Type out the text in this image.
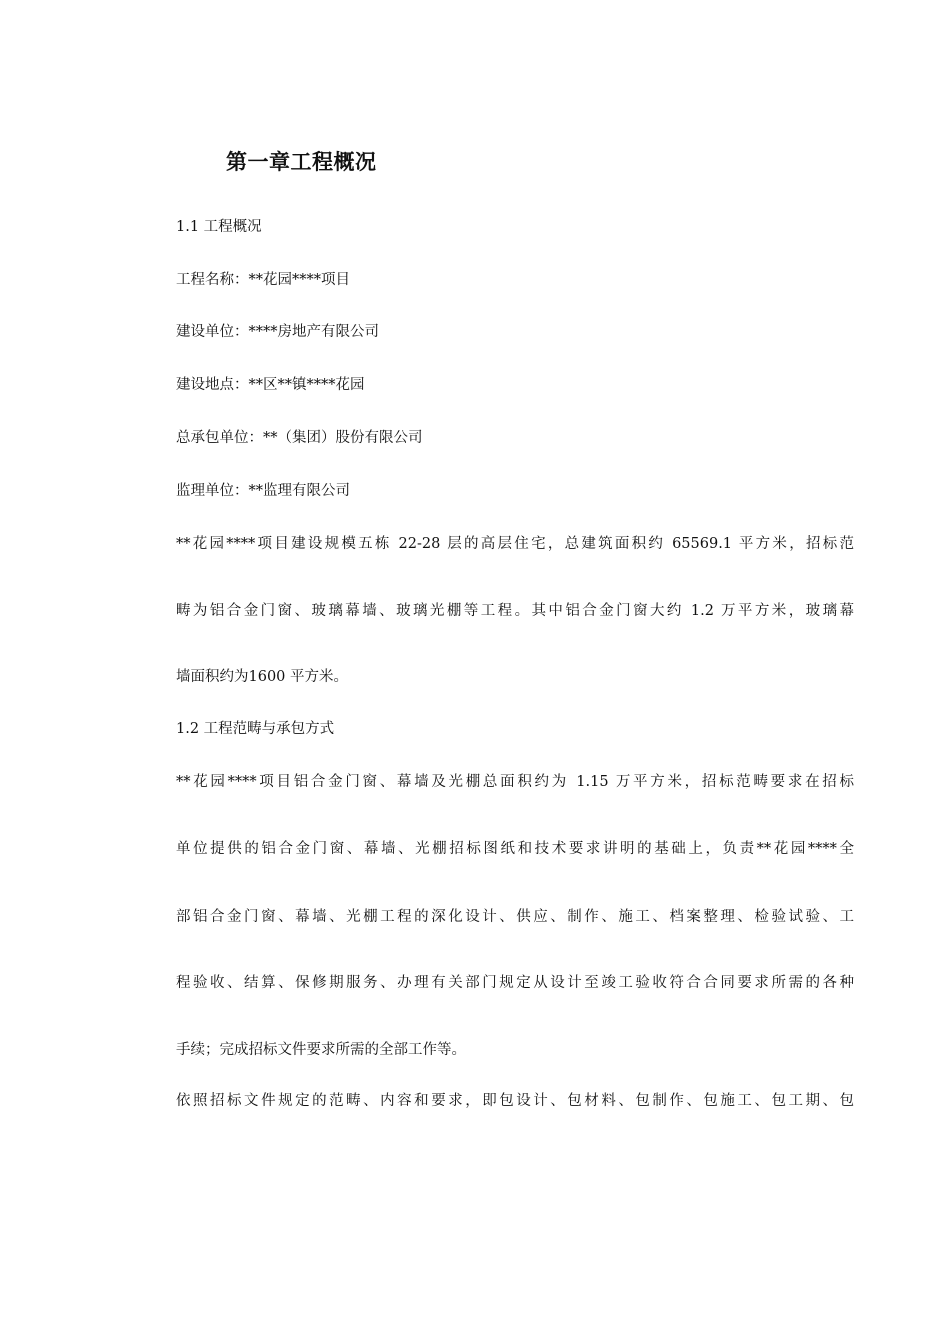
第一章工程概况

1.1 工程概况

工程名称：**花园****项目

建设单位：****房地产有限公司

建设地点：**区**镇****花园

总承包单位：**（集团）股份有限公司

监理单位：**监理有限公司

**花园****项目建设规模五栋 22-28 层的高层住宅，总建筑面积约 65569.1 平方米，招标范

畴为铝合金门窗、玻璃幕墙、玻璃光棚等工程。其中铝合金门窗大约 1.2 万平方米，玻璃幕

墙面积约为1600 平方米。

1.2 工程范畴与承包方式

**花园****项目铝合金门窗、幕墙及光棚总面积约为 1.15 万平方米，招标范畴要求在招标

单位提供的铝合金门窗、幕墙、光棚招标图纸和技术要求讲明的基础上，负责**花园****全

部铝合金门窗、幕墙、光棚工程的深化设计、供应、制作、施工、档案整理、检验试验、工

程验收、结算、保修期服务、办理有关部门规定从设计至竣工验收符合合同要求所需的各种

手续；完成招标文件要求所需的全部工作等。

依照招标文件规定的范畴、内容和要求，即包设计、包材料、包制作、包施工、包工期、包
